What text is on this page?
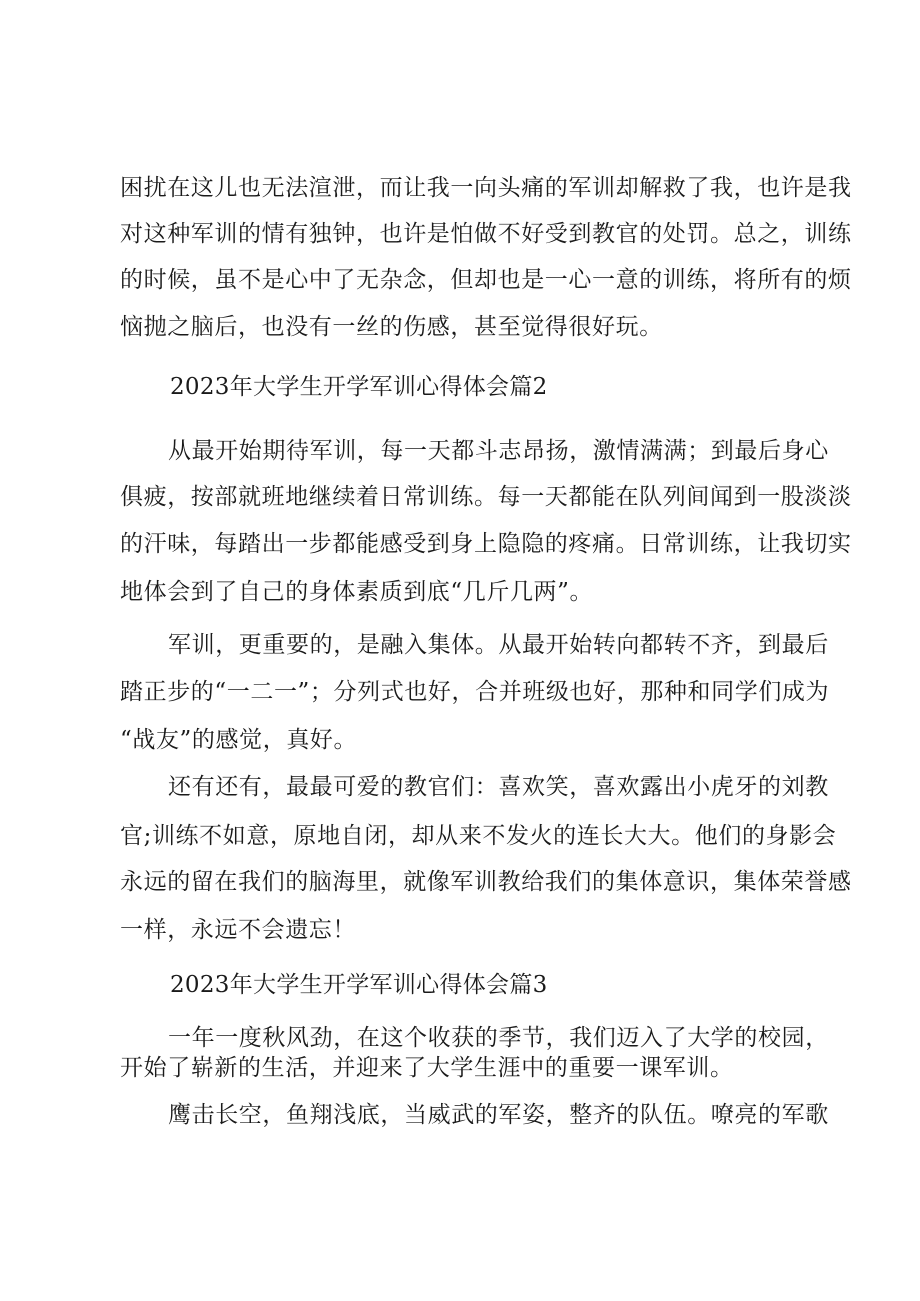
困扰在这儿也无法渲泄，而让我一向头痛的军训却解救了我，也许是我
对这种军训的情有独钟，也许是怕做不好受到教官的处罚。总之，训练
的时候，虽不是心中了无杂念，但却也是一心一意的训练，将所有的烦
恼抛之脑后，也没有一丝的伤感，甚至觉得很好玩。
2023年大学生开学军训心得体会篇2
从最开始期待军训，每一天都斗志昂扬，激情满满；到最后身心
俱疲，按部就班地继续着日常训练。每一天都能在队列间闻到一股淡淡
的汗味，每踏出一步都能感受到身上隐隐的疼痛。日常训练，让我切实
地体会到了自己的身体素质到底“几斤几两”。
军训，更重要的，是融入集体。从最开始转向都转不齐，到最后
踏正步的“一二一”；分列式也好，合并班级也好，那种和同学们成为
“战友”的感觉，真好。
还有还有，最最可爱的教官们：喜欢笑，喜欢露出小虎牙的刘教
官;训练不如意，原地自闭，却从来不发火的连长大大。他们的身影会
永远的留在我们的脑海里，就像军训教给我们的集体意识，集体荣誉感
一样，永远不会遗忘！
2023年大学生开学军训心得体会篇3
一年一度秋风劲，在这个收获的季节，我们迈入了大学的校园，
开始了崭新的生活，并迎来了大学生涯中的重要一课军训。
鹰击长空，鱼翔浅底，当威武的军姿，整齐的队伍。嘹亮的军歌
